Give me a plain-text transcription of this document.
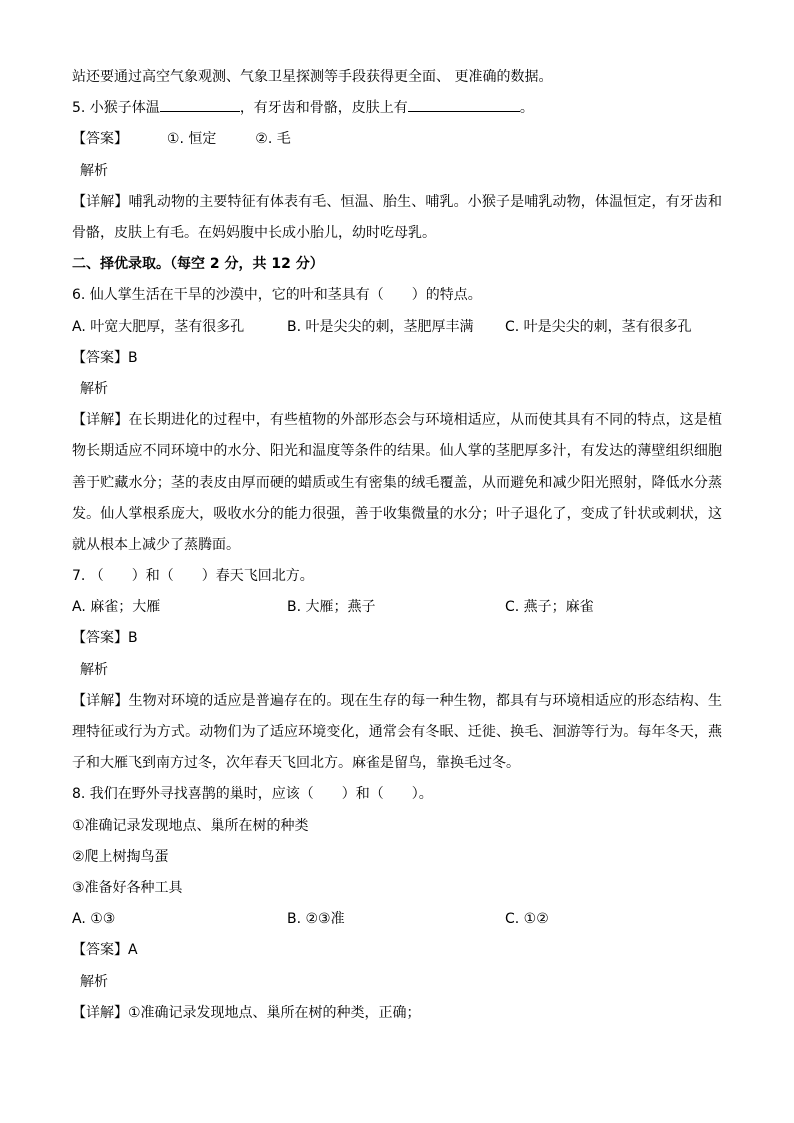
站还要通过高空气象观测、气象卫星探测等手段获得更全面、 更准确的数据。
5. 小猴子体温	，有牙齿和骨骼，皮肤上有	。
【答案】	①. 恒定	②. 毛
解析
【详解】哺乳动物的主要特征有体表有毛、恒温、胎生、哺乳。小猴子是哺乳动物，体温恒定，有牙齿和骨骼，皮肤上有毛。在妈妈腹中长成小胎儿，幼时吃母乳。
二、择优录取。（每空 2 分，共 12 分）
6. 仙人掌生活在干旱的沙漠中，它的叶和茎具有（　　）的特点。
A. 叶宽大肥厚，茎有很多孔	B. 叶是尖尖的刺，茎肥厚丰满 C. 叶是尖尖的刺，茎有很多孔
【答案】B
解析
【详解】在长期进化的过程中，有些植物的外部形态会与环境相适应，从而使其具有不同的特点，这是植物长期适应不同环境中的水分、阳光和温度等条件的结果。仙人掌的茎肥厚多汁，有发达的薄壁组织细胞善于贮藏水分；茎的表皮由厚而硬的蜡质或生有密集的绒毛覆盖，从而避免和减少阳光照射，降低水分蒸发。仙人掌根系庞大，吸收水分的能力很强，善于收集微量的水分；叶子退化了，变成了针状或刺状，这就从根本上减少了蒸腾面。
7. （　　）和（　　）春天飞回北方。
A. 麻雀；大雁	B. 大雁；燕子	C. 燕子；麻雀
【答案】B
解析
【详解】生物对环境的适应是普遍存在的。现在生存的每一种生物，都具有与环境相适应的形态结构、生理特征或行为方式。动物们为了适应环境变化，通常会有冬眠、迁徙、换毛、洄游等行为。每年冬天，燕子和大雁飞到南方过冬，次年春天飞回北方。麻雀是留鸟，靠换毛过冬。
8. 我们在野外寻找喜鹊的巢时，应该（　　）和（　　）。
①准确记录发现地点、巢所在树的种类
②爬上树掏鸟蛋
③准备好各种工具
A. ①③	B. ②③准	C. ①②
【答案】A
解析
【详解】①准确记录发现地点、巢所在树的种类，正确；
